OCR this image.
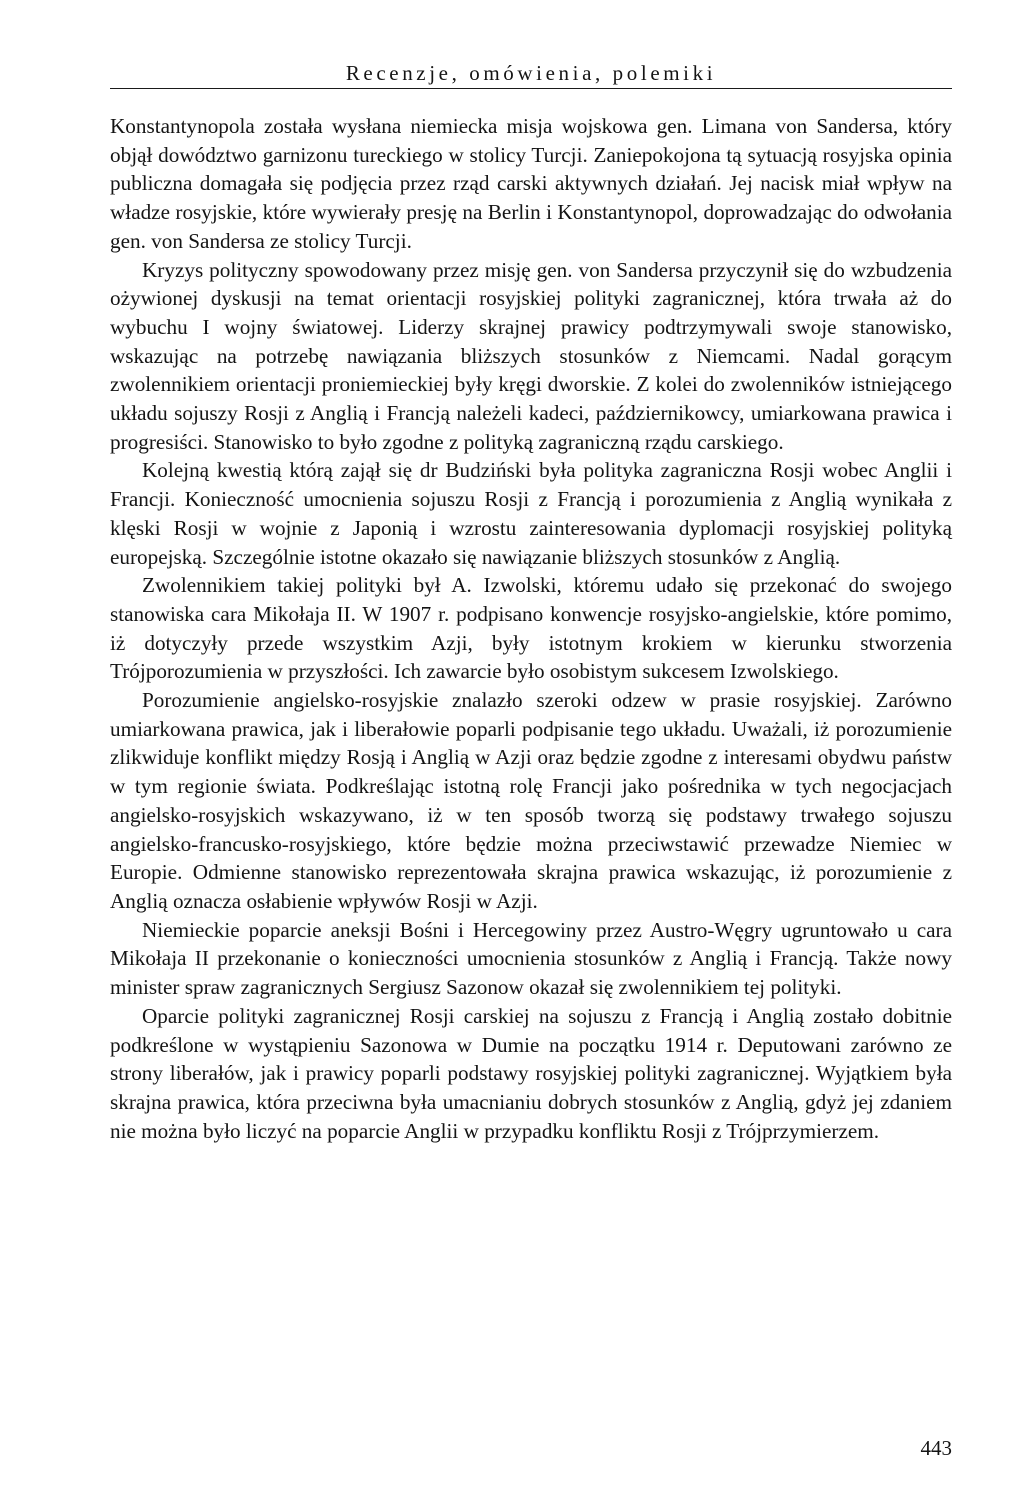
Recenzje, omówienia, polemiki

Konstantynopola została wysłana niemiecka misja wojskowa gen. Limana von Sandersa, który objął dowództwo garnizonu tureckiego w stolicy Turcji. Zaniepokojona tą sytuacją rosyjska opinia publiczna domagała się podjęcia przez rząd carski aktywnych działań. Jej nacisk miał wpływ na władze rosyjskie, które wywierały presję na Berlin i Konstantynopol, doprowadzając do odwołania gen. von Sandersa ze stolicy Turcji.

Kryzys polityczny spowodowany przez misję gen. von Sandersa przyczynił się do wzbudzenia ożywionej dyskusji na temat orientacji rosyjskiej polityki zagranicznej, która trwała aż do wybuchu I wojny światowej. Liderzy skrajnej prawicy podtrzymywali swoje stanowisko, wskazując na potrzebę nawiązania bliższych stosunków z Niemcami. Nadal gorącym zwolennikiem orientacji proniemieckiej były kręgi dworskie. Z kolei do zwolenników istniejącego układu sojuszy Rosji z Anglią i Francją należeli kadeci, październikowcy, umiarkowana prawica i progresiści. Stanowisko to było zgodne z polityką zagraniczną rządu carskiego.

Kolejną kwestią którą zajął się dr Budziński była polityka zagraniczna Rosji wobec Anglii i Francji. Konieczność umocnienia sojuszu Rosji z Francją i porozumienia z Anglią wynikała z klęski Rosji w wojnie z Japonią i wzrostu zainteresowania dyplomacji rosyjskiej polityką europejską. Szczególnie istotne okazało się nawiązanie bliższych stosunków z Anglią.

Zwolennikiem takiej polityki był A. Izwolski, któremu udało się przekonać do swojego stanowiska cara Mikołaja II. W 1907 r. podpisano konwencje rosyjsko-angielskie, które pomimo, iż dotyczyły przede wszystkim Azji, były istotnym krokiem w kierunku stworzenia Trójporozumienia w przyszłości. Ich zawarcie było osobistym sukcesem Izwolskiego.

Porozumienie angielsko-rosyjskie znalazło szeroki odzew w prasie rosyjskiej. Zarówno umiarkowana prawica, jak i liberałowie poparli podpisanie tego układu. Uważali, iż porozumienie zlikwiduje konflikt między Rosją i Anglią w Azji oraz będzie zgodne z interesami obydwu państw w tym regionie świata. Podkreślając istotną rolę Francji jako pośrednika w tych negocjacjach angielsko-rosyjskich wskazywano, iż w ten sposób tworzą się podstawy trwałego sojuszu angielsko-francusko-rosyjskiego, które będzie można przeciwstawić przewadze Niemiec w Europie. Odmienne stanowisko reprezentowała skrajna prawica wskazując, iż porozumienie z Anglią oznacza osłabienie wpływów Rosji w Azji.

Niemieckie poparcie aneksji Bośni i Hercegowiny przez Austro-Węgry ugruntowało u cara Mikołaja II przekonanie o konieczności umocnienia stosunków z Anglią i Francją. Także nowy minister spraw zagranicznych Sergiusz Sazonow okazał się zwolennikiem tej polityki.

Oparcie polityki zagranicznej Rosji carskiej na sojuszu z Francją i Anglią zostało dobitnie podkreślone w wystąpieniu Sazonowa w Dumie na początku 1914 r. Deputowani zarówno ze strony liberałów, jak i prawicy poparli podstawy rosyjskiej polityki zagranicznej. Wyjątkiem była skrajna prawica, która przeciwna była umacnianiu dobrych stosunków z Anglią, gdyż jej zdaniem nie można było liczyć na poparcie Anglii w przypadku konfliktu Rosji z Trójprzymierzem.

443
